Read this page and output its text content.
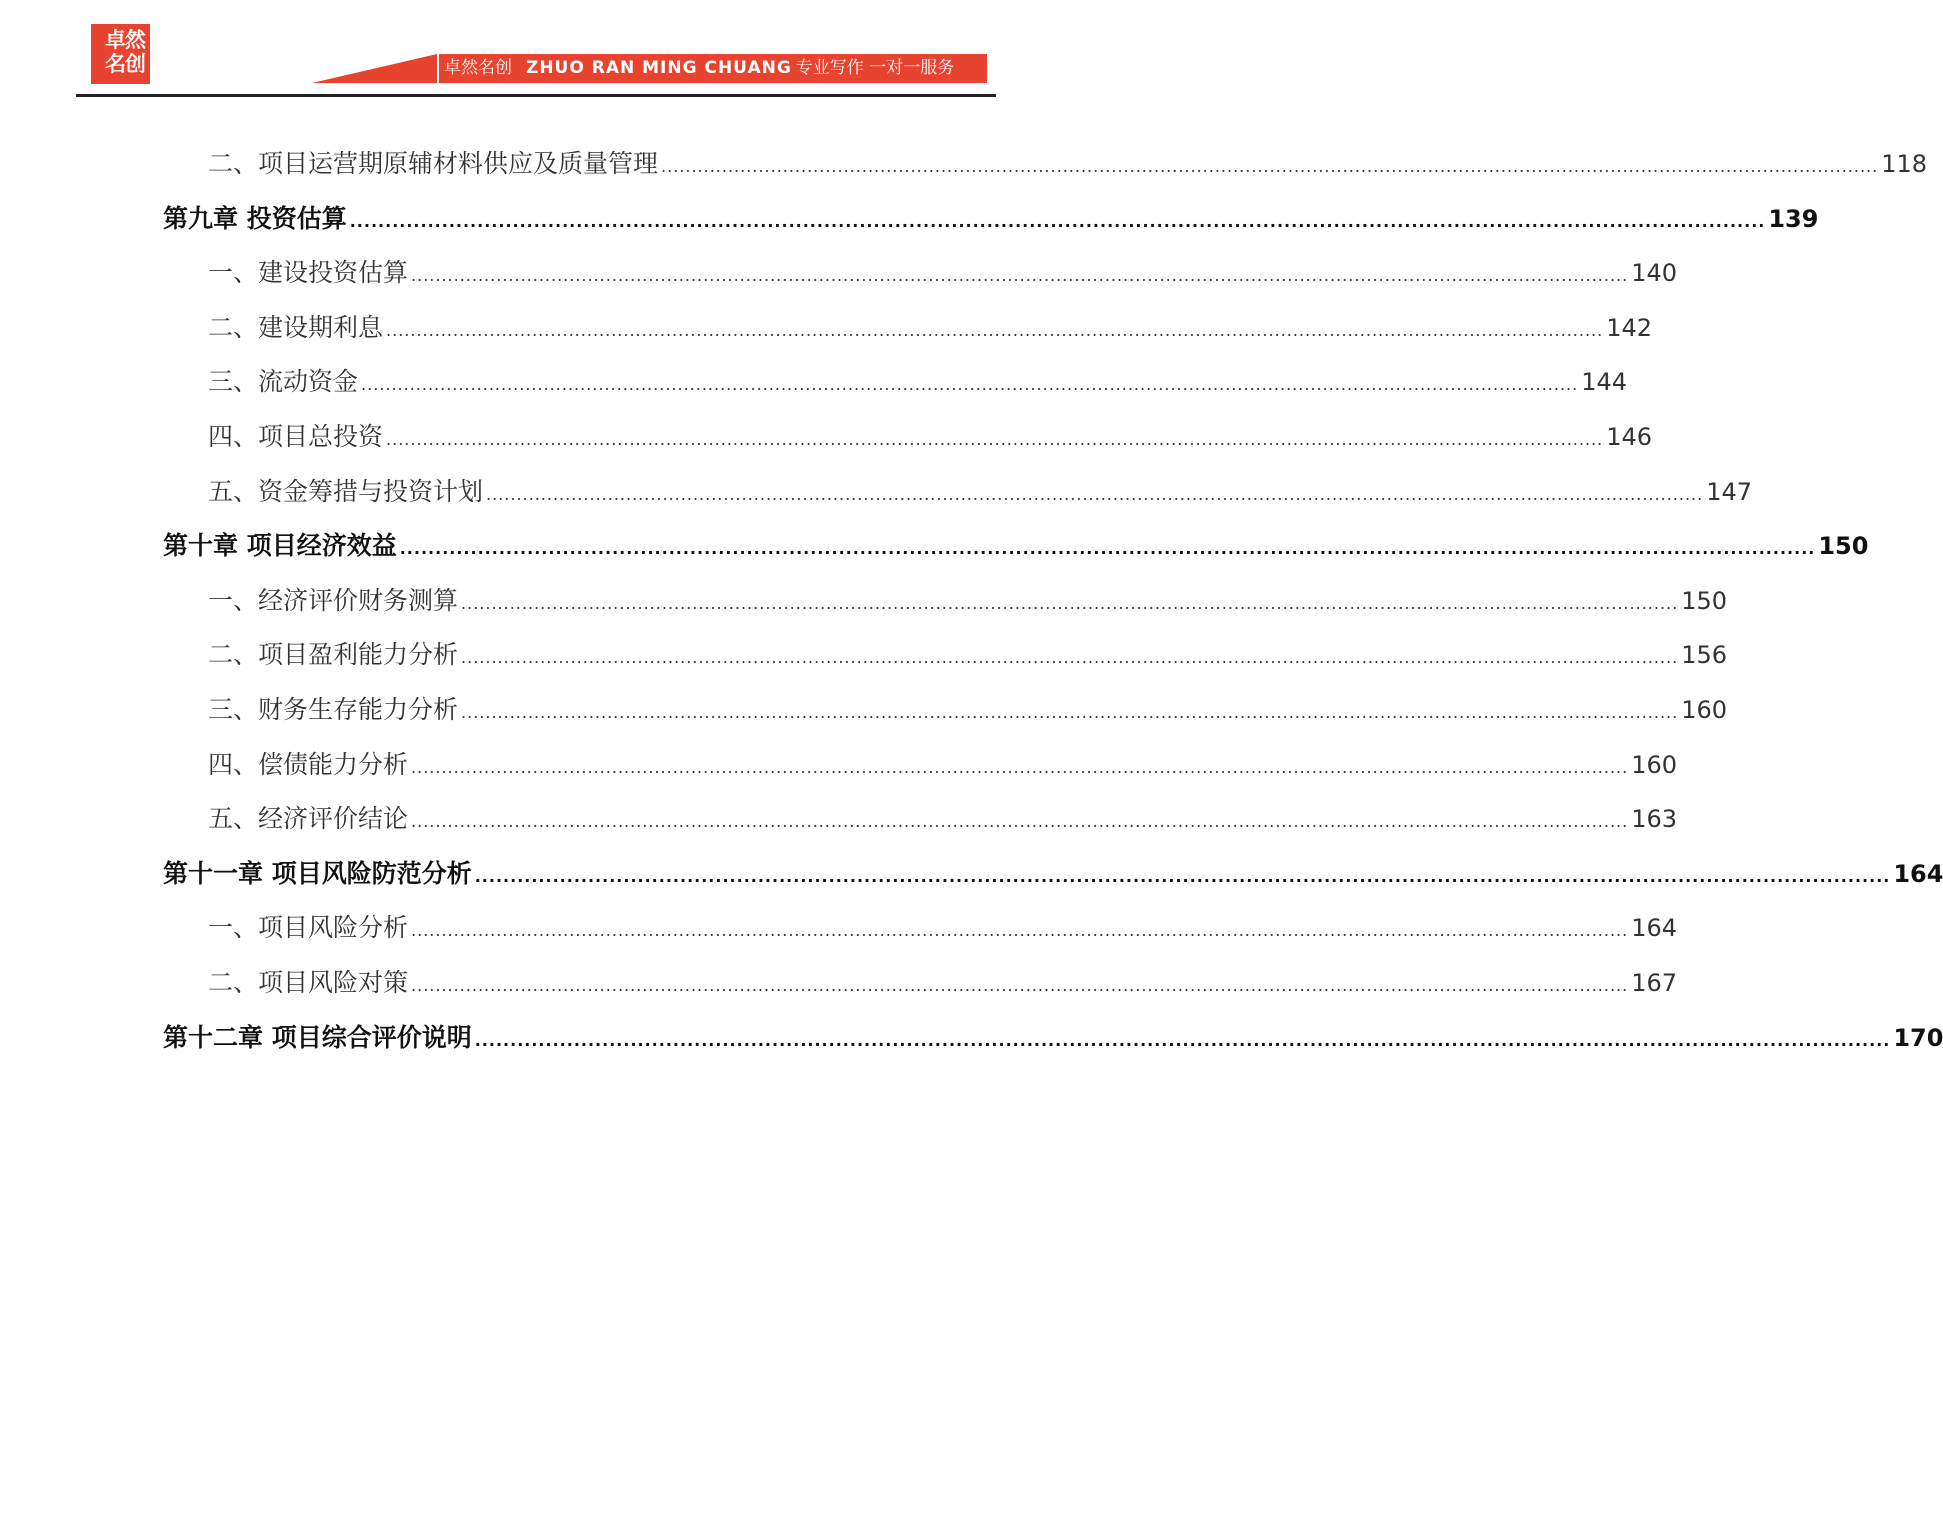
卓然
名创	卓然名创 ZHUO RAN MING CHUANG 专业写作 一对一服务
二、项目运营期原辅材料供应及质量管理 ........................................................................................................................................................................................................ 118
第九章 投资估算 ........................................................................................................................................................................................................ 139
一、建设投资估算 ........................................................................................................................................................................................................ 140
二、建设期利息 ........................................................................................................................................................................................................ 142
三、流动资金 ........................................................................................................................................................................................................ 144
四、项目总投资 ........................................................................................................................................................................................................ 146
五、资金筹措与投资计划 ........................................................................................................................................................................................................ 147
第十章 项目经济效益 ........................................................................................................................................................................................................ 150
一、经济评价财务测算 ........................................................................................................................................................................................................ 150
二、项目盈利能力分析 ........................................................................................................................................................................................................ 156
三、财务生存能力分析 ........................................................................................................................................................................................................ 160
四、偿债能力分析 ........................................................................................................................................................................................................ 160
五、经济评价结论 ........................................................................................................................................................................................................ 163
第十一章 项目风险防范分析 ........................................................................................................................................................................................................ 164
一、项目风险分析 ........................................................................................................................................................................................................ 164
二、项目风险对策 ........................................................................................................................................................................................................ 167
第十二章 项目综合评价说明 ........................................................................................................................................................................................................ 170
